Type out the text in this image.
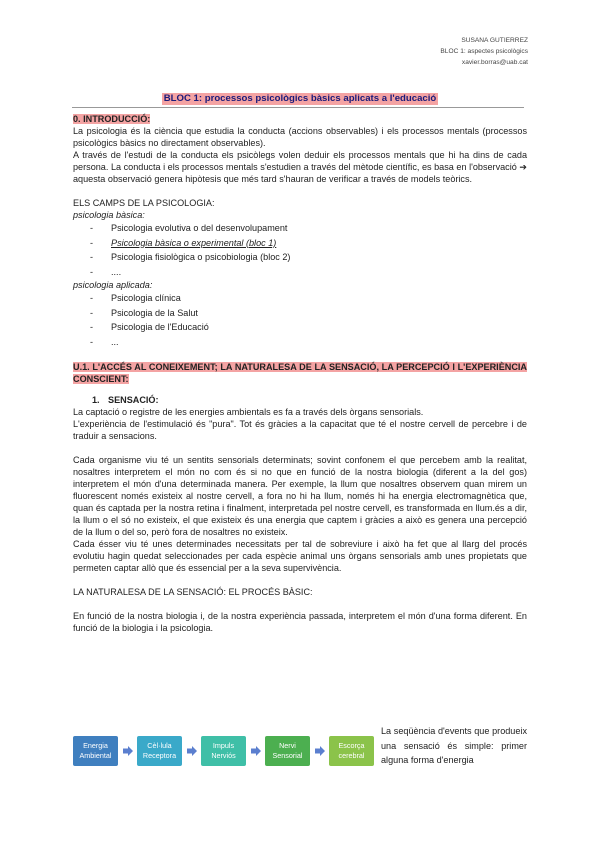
SUSANA GUTIERREZ
BLOC 1: aspectes psicològics
xavier.borras@uab.cat
BLOC 1: processos psicològics bàsics aplicats a l'educació

0. INTRODUCCIÓ:

La psicologia és la ciència que estudia la conducta (accions observables) i els processos mentals (processos psicològics bàsics no directament observables).

A través de l'estudi de la conducta els psicòlegs volen deduir els processos mentals que hi ha dins de cada persona. La conducta i els processos mentals s'estudien a través del mètode científic, es basa en l'observació ➔ aquesta observació genera hipòtesis que més tard s'hauran de verificar a través de models teòrics.

ELS CAMPS DE LA PSICOLOGIA:

psicologia bàsica:

- Psicologia evolutiva o del desenvolupament
- Psicologia bàsica o experimental (bloc 1)
- Psicologia fisiològica o psicobiologia (bloc 2)
- ....

psicologia aplicada:

- Psicologia clínica
- Psicologia de la Salut
- Psicologia de l'Educació
- ...

U.1. L'ACCÉS AL CONEIXEMENT; LA NATURALESA DE LA SENSACIÓ, LA PERCEPCIÓ I L'EXPERIÈNCIA CONSCIENT:

1. SENSACIÓ:

La captació o registre de les energies ambientals es fa a través dels òrgans sensorials.

L'experiència de l'estimulació és "pura". Tot és gràcies a la capacitat que té el nostre cervell de percebre i de traduir a sensacions.

Cada organisme viu té un sentits sensorials determinats; sovint confonem el que percebem amb la realitat, nosaltres interpretem el món no com és si no que en funció de la nostra biologia (diferent a la del gos) interpretem el món d'una determinada manera. Per exemple, la llum que nosaltres observem quan mirem un fluorescent només existeix al nostre cervell, a fora no hi ha llum, només hi ha energia electromagnètica que, quan és captada per la nostra retina i finalment, interpretada pel nostre cervell, es transformada en llum.és a dir, la llum o el só no existeix, el que existeix és una energia que captem i gràcies a això es genera una percepció de la llum o del so, però fora de nosaltres no existeix.

Cada ésser viu té unes determinades necessitats per tal de sobreviure i això ha fet que al llarg del procés evolutiu hagin quedat seleccionades per cada espècie animal uns òrgans sensorials amb unes propietats que permeten captar allò que és essencial per a la seva supervivència.

LA NATURALESA DE LA SENSACIÓ: EL PROCÉS BÀSIC:

En funció de la nostra biologia i, de la nostra experiència passada, interpretem el món d'una forma diferent. En funció de la biologia i la psicologia.

Energia
Ambiental
Cèl·lula
Receptora
Impuls
Nerviós
Nervi
Sensorial
Escorça
cerebral
La seqüència d'events que produeix una sensació és simple: primer alguna forma d'energia
